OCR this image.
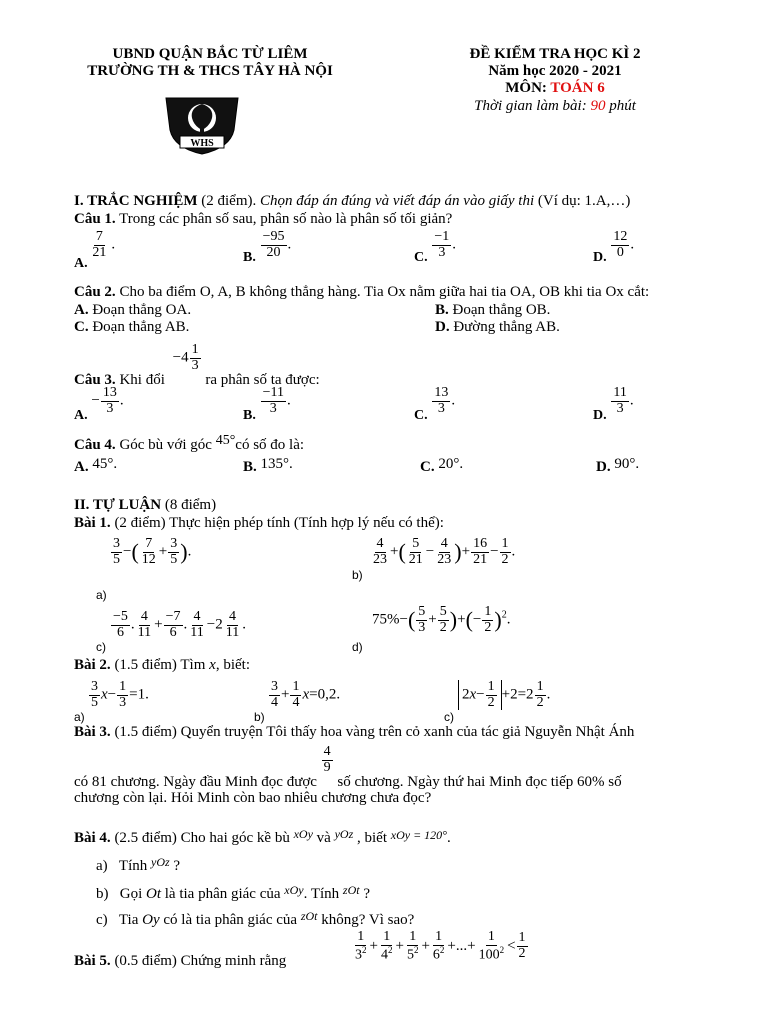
UBND QUẬN BẮC TỪ LIÊM
TRƯỜNG TH & THCS TÂY HÀ NỘI
WHS
ĐỀ KIỂM TRA HỌC KÌ 2
Năm học 2020 - 2021
MÔN: TOÁN 6
Thời gian làm bài: 90 phút
I. TRẮC NGHIỆM (2 điểm). Chọn đáp án đúng và viết đáp án vào giấy thi (Ví dụ: 1.A,…)
Câu 1. Trong các phân số sau, phân số nào là phân số tối giản?
A.
$\frac{7}{21}$ .
B. $\frac{-95}{20}$ .
C. $\frac{-1}{3}$ .
D. $\frac{12}{0}$ .
Câu 2. Cho ba điểm O, A, B không thẳng hàng. Tia Ox nằm giữa hai tia OA, OB khi tia Ox cắt:
A. Đoạn thẳng OA.	B. Đoạn thẳng OB.
C. Đoạn thẳng AB.	D. Đường thẳng AB.
Câu 3. Khi đổi $-4 \frac{1}{3}$
ra phân số ta được:
A. − $\frac{13}{3}$ .
B. $\frac{-11}{3}$ .
C. $\frac{13}{3}$ .
D. $\frac{11}{3}$ .
Câu 4. Góc bù với góc 45°có số đo là:
A. 45°.	B. 135°.	C. 20°.	D. 90°.
II. TỰ LUẬN (8 điểm)
Bài 1. (2 điểm) Thực hiện phép tính (Tính hợp lý nếu có thể):
$\frac{3}{5}$ −( $\frac{7}{12} + \frac{3}{5}$ ).
a)
b)
$\frac{4}{23}$ +( $\frac{5}{21} - \frac{4}{23}$ )+ $\frac{16}{21} - \frac{1}{2}$ .
c)
$\frac{-5}{6}$ . $\frac{4}{11} + \frac{-7}{6}$ . $\frac{4}{11} -2 \frac{4}{11}$ .
d)
$75\%-( \frac{5}{3} + \frac{5}{2}$ )+(− $\frac{1}{2} )^2$.
Bài 2. (1.5 điểm) Tìm x, biết:
a)
$\frac{3}{5} x- \frac{1}{3} =1$.
b)
$\frac{3}{4} + \frac{1}{4} x=0,2$.
c)
$2x- \frac{1}{2} +2=2 \frac{1}{2}$ .
Bài 3. (1.5 điểm) Quyển truyện Tôi thấy hoa vàng trên cỏ xanh của tác giả Nguyễn Nhật Ánh
có 81 chương. Ngày đầu Minh đọc được
$\frac{4}{9}$
số chương. Ngày thứ hai Minh đọc tiếp 60% số
chương còn lại. Hỏi Minh còn bao nhiêu chương chưa đọc?
Bài 4. (2.5 điểm) Cho hai góc kề bù $^{xOy}$ và $^{yOz}$ , biết $^{xOy = 120^\circ}$.
a) Tính $^{yOz}$ ?
b) Gọi Ot là tia phân giác của $^{xOy}$. Tính $^{zOt}$ ?
c) Tia Oy có là tia phân giác của $^{zOt}$ không? Vì sao?
Bài 5. (0.5 điểm) Chứng minh rằng	$\frac{1}{3^2} + \frac{1}{4^2} + \frac{1}{5^2} + \frac{1}{6^2}$ +...+ $\frac{1}{100^2} < \frac{1}{2}$
